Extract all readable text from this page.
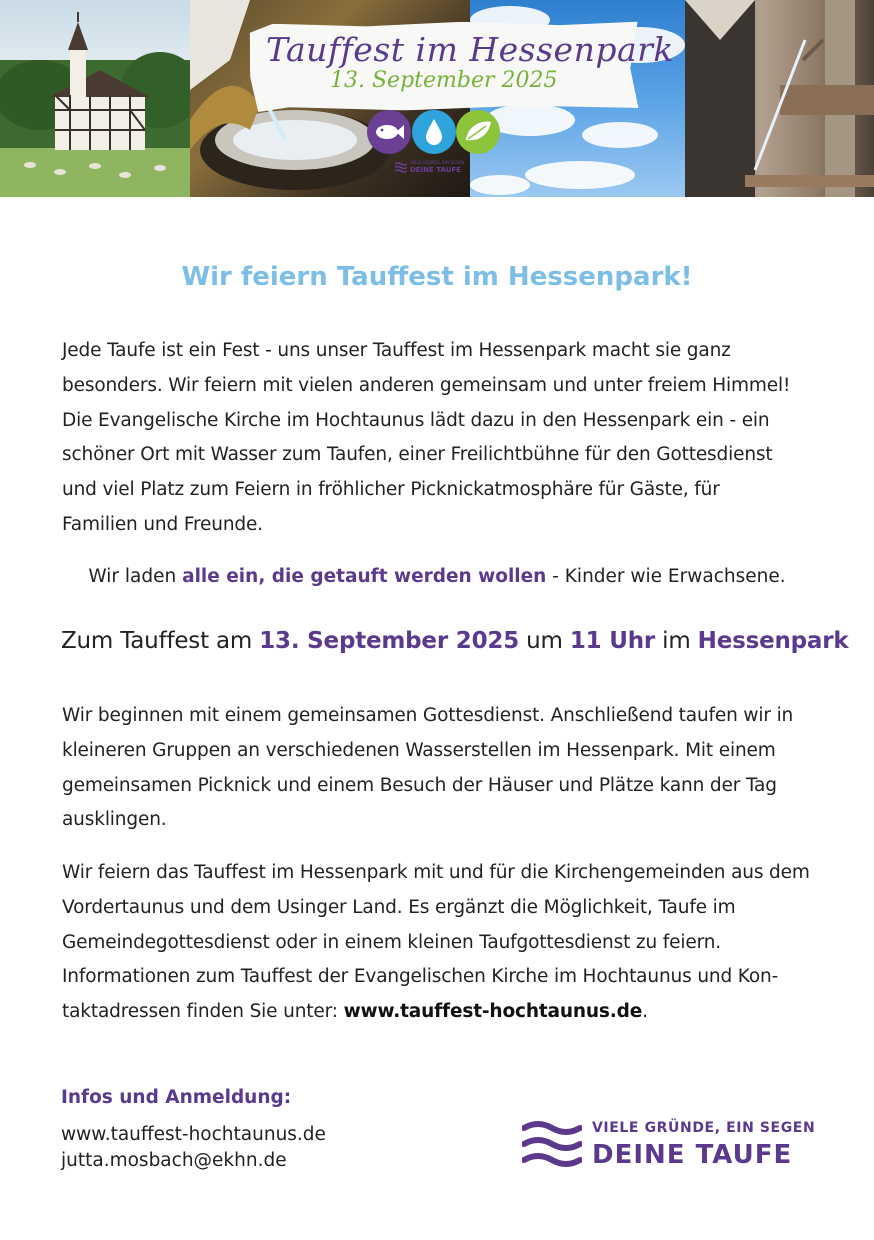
Tauffest im Hessenpark
13. September 2025
VIELE GRÜNDE, EIN SEGEN
DEINE TAUFE
Wir feiern Tauffest im Hessenpark!
Jede Taufe ist ein Fest - uns unser Tauffest im Hessenpark macht sie ganz
besonders. Wir feiern mit vielen anderen gemeinsam und unter freiem Himmel!
Die Evangelische Kirche im Hochtaunus lädt dazu in den Hessenpark ein - ein
schöner Ort mit Wasser zum Taufen, einer Freilichtbühne für den Gottesdienst
und viel Platz zum Feiern in fröhlicher Picknickatmosphäre für Gäste, für
Familien und Freunde.
Wir laden alle ein, die getauft werden wollen - Kinder wie Erwachsene.
Zum Tauffest am 13. September 2025 um 11 Uhr im Hessenpark
Wir beginnen mit einem gemeinsamen Gottesdienst. Anschließend taufen wir in
kleineren Gruppen an verschiedenen Wasserstellen im Hessenpark. Mit einem
gemeinsamen Picknick und einem Besuch der Häuser und Plätze kann der Tag
ausklingen.
Wir feiern das Tauffest im Hessenpark mit und für die Kirchengemeinden aus dem
Vordertaunus und dem Usinger Land. Es ergänzt die Möglichkeit, Taufe im
Gemeindegottesdienst oder in einem kleinen Taufgottesdienst zu feiern.
Informationen zum Tauffest der Evangelischen Kirche im Hochtaunus und Kon-
taktadressen finden Sie unter: www.tauffest-hochtaunus.de.
Infos und Anmeldung:
www.tauffest-hochtaunus.de
jutta.mosbach@ekhn.de
VIELE GRÜNDE, EIN SEGEN
DEINE TAUFE
